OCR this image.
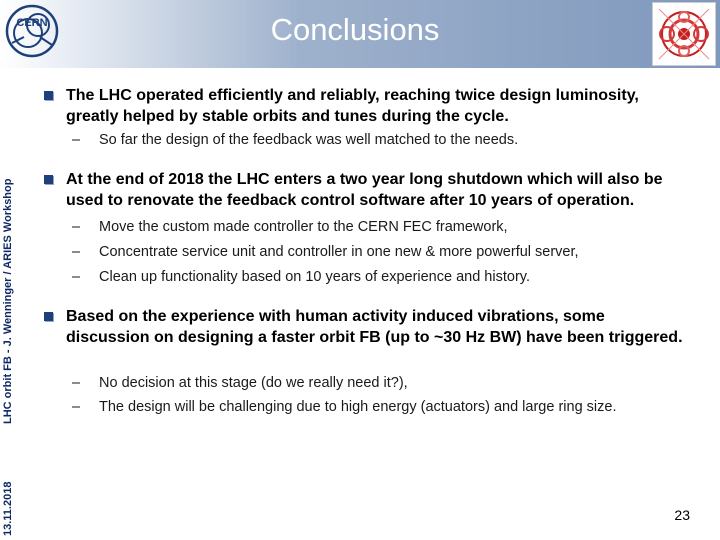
CERN	Conclusions
13.11.2018LHC orbit FB - J. Wenninger / ARIES Workshop
The LHC operated efficiently and reliably, reaching twice design luminosity, greatly helped by stable orbits and tunes during the cycle.
– So far the design of the feedback was well matched to the needs.
At the end of 2018 the LHC enters a two year long shutdown which will also be used to renovate the feedback control software after 10 years of operation.
– Move the custom made controller to the CERN FEC framework,
– Concentrate service unit and controller in one new & more powerful server,
– Clean up functionality based on 10 years of experience and history.
Based on the experience with human activity induced vibrations, some discussion on designing a faster orbit FB (up to ~30 Hz BW) have been triggered.
– No decision at this stage (do we really need it?),
– The design will be challenging due to high energy (actuators) and large ring size.
23
